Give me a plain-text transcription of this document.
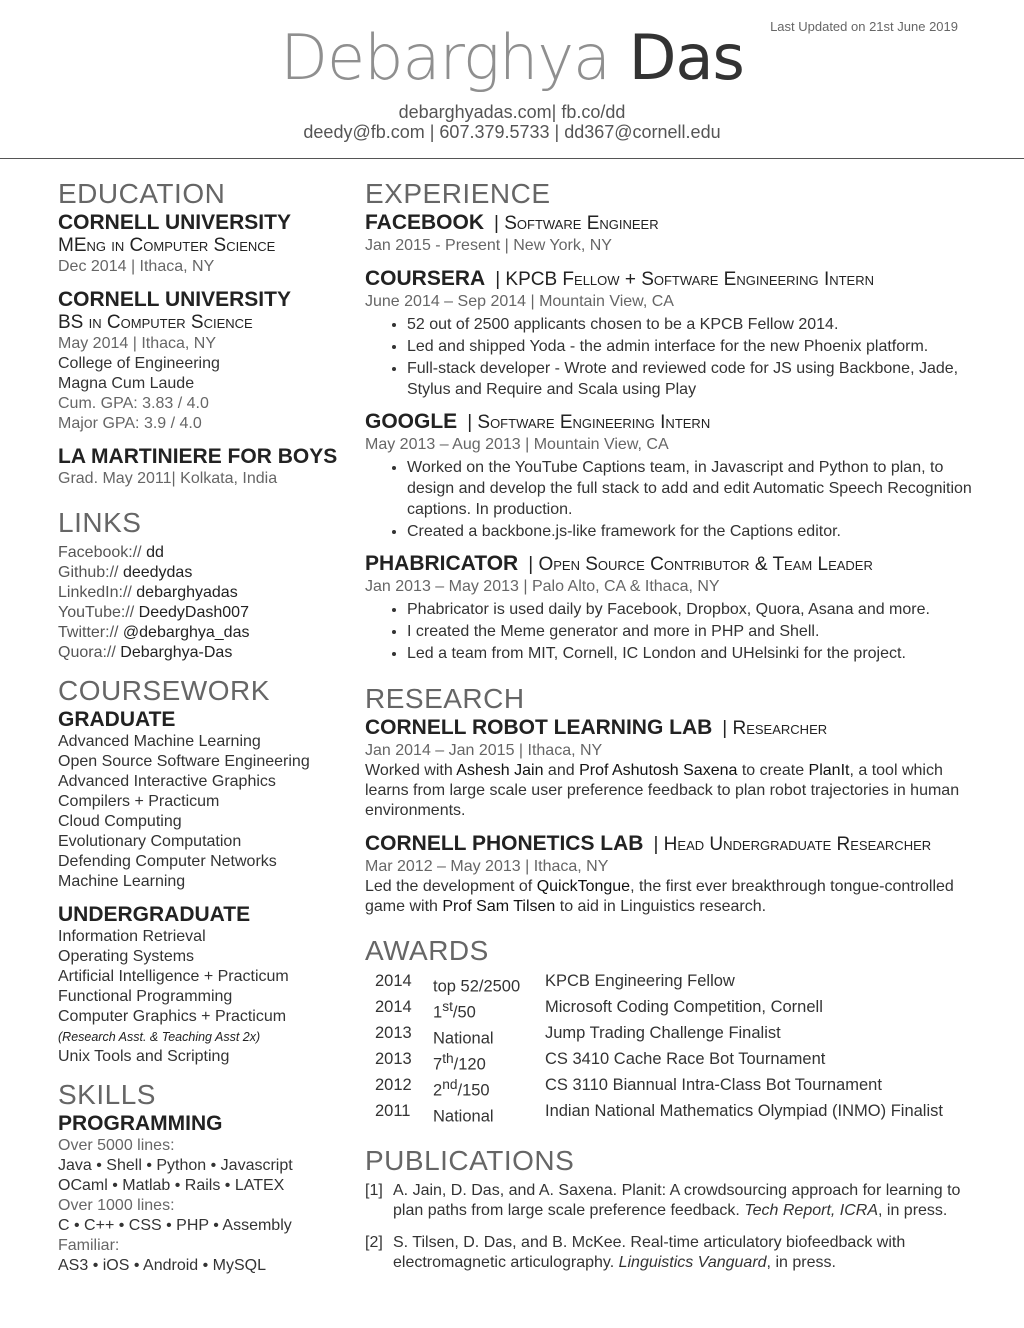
Last Updated on 21st June 2019
Debarghya Das
debarghyadas.com| fb.co/dd
deedy@fb.com | 607.379.5733 | dd367@cornell.edu
EDUCATION
CORNELL UNIVERSITY
MEng in Computer Science
Dec 2014 | Ithaca, NY
CORNELL UNIVERSITY
BS in Computer Science
May 2014 | Ithaca, NY
College of Engineering
Magna Cum Laude
Cum. GPA: 3.83 / 4.0
Major GPA: 3.9 / 4.0
LA MARTINIERE FOR BOYS
Grad. May 2011| Kolkata, India
LINKS
Facebook:// dd
Github:// deedydas
LinkedIn:// debarghyadas
YouTube:// DeedyDash007
Twitter:// @debarghya_das
Quora:// Debarghya-Das
COURSEWORK
GRADUATE
Advanced Machine Learning
Open Source Software Engineering
Advanced Interactive Graphics
Compilers + Practicum
Cloud Computing
Evolutionary Computation
Defending Computer Networks
Machine Learning
UNDERGRADUATE
Information Retrieval
Operating Systems
Artificial Intelligence + Practicum
Functional Programming
Computer Graphics + Practicum
(Research Asst. & Teaching Asst 2x)
Unix Tools and Scripting
SKILLS
PROGRAMMING
Over 5000 lines:
Java • Shell • Python • Javascript
OCaml • Matlab • Rails • LATEX
Over 1000 lines:
C • C++ • CSS • PHP • Assembly
Familiar:
AS3 • iOS • Android • MySQL
EXPERIENCE
FACEBOOK | Software Engineer
Jan 2015 - Present | New York, NY
COURSERA | KPCB Fellow + Software Engineering Intern
June 2014 – Sep 2014 | Mountain View, CA
• 52 out of 2500 applicants chosen to be a KPCB Fellow 2014.
• Led and shipped Yoda - the admin interface for the new Phoenix platform.
• Full-stack developer - Wrote and reviewed code for JS using Backbone, Jade, Stylus and Require and Scala using Play
GOOGLE | Software Engineering Intern
May 2013 – Aug 2013 | Mountain View, CA
• Worked on the YouTube Captions team, in Javascript and Python to plan, to design and develop the full stack to add and edit Automatic Speech Recognition captions. In production.
• Created a backbone.js-like framework for the Captions editor.
PHABRICATOR | Open Source Contributor & Team Leader
Jan 2013 – May 2013 | Palo Alto, CA & Ithaca, NY
• Phabricator is used daily by Facebook, Dropbox, Quora, Asana and more.
• I created the Meme generator and more in PHP and Shell.
• Led a team from MIT, Cornell, IC London and UHelsinki for the project.
RESEARCH
CORNELL ROBOT LEARNING LAB | Researcher
Jan 2014 – Jan 2015 | Ithaca, NY
Worked with Ashesh Jain and Prof Ashutosh Saxena to create PlanIt, a tool which learns from large scale user preference feedback to plan robot trajectories in human environments.
CORNELL PHONETICS LAB | Head Undergraduate Researcher
Mar 2012 – May 2013 | Ithaca, NY
Led the development of QuickTongue, the first ever breakthrough tongue-controlled game with Prof Sam Tilsen to aid in Linguistics research.
AWARDS
2014	top 52/2500	KPCB Engineering Fellow
2014	1st/50	Microsoft Coding Competition, Cornell
2013	National	Jump Trading Challenge Finalist
2013	7th/120	CS 3410 Cache Race Bot Tournament
2012	2nd/150	CS 3110 Biannual Intra-Class Bot Tournament
2011	National	Indian National Mathematics Olympiad (INMO) Finalist
PUBLICATIONS
[1] A. Jain, D. Das, and A. Saxena. Planit: A crowdsourcing approach for learning to plan paths from large scale preference feedback. Tech Report, ICRA, in press.
[2] S. Tilsen, D. Das, and B. McKee. Real-time articulatory biofeedback with electromagnetic articulography. Linguistics Vanguard, in press.
